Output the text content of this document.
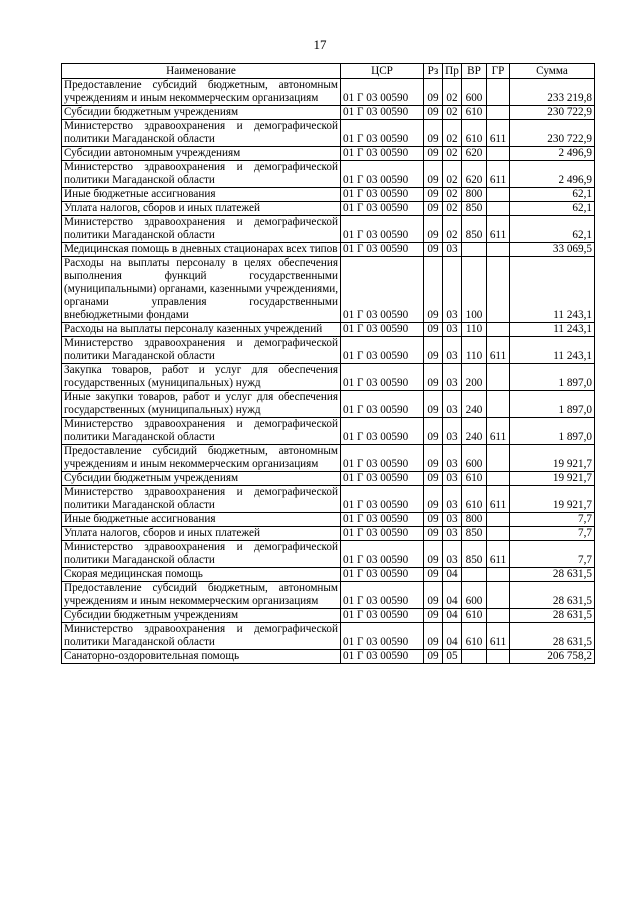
17
Наименование	ЦСР	Рз	Пр	ВР	ГР	Сумма
Предоставление субсидий бюджетным, автономным учреждениям и иным некоммерческим организациям	01 Г 03 00590	09	02	600		233 219,8
Субсидии бюджетным учреждениям	01 Г 03 00590	09	02	610		230 722,9
Министерство здравоохранения и демографической политики Магаданской области	01 Г 03 00590	09	02	610	611	230 722,9
Субсидии автономным учреждениям	01 Г 03 00590	09	02	620		2 496,9
Министерство здравоохранения и демографической политики Магаданской области	01 Г 03 00590	09	02	620	611	2 496,9
Иные бюджетные ассигнования	01 Г 03 00590	09	02	800		62,1
Уплата налогов, сборов и иных платежей	01 Г 03 00590	09	02	850		62,1
Министерство здравоохранения и демографической политики Магаданской области	01 Г 03 00590	09	02	850	611	62,1
Медицинская помощь в дневных стационарах всех типов	01 Г 03 00590	09	03			33 069,5
Расходы на выплаты персоналу в целях обеспечения выполнения функций государственными (муниципальными) органами, казенными учреждениями, органами управления государственными внебюджетными фондами	01 Г 03 00590	09	03	100		11 243,1
Расходы на выплаты персоналу казенных учреждений	01 Г 03 00590	09	03	110		11 243,1
Министерство здравоохранения и демографической политики Магаданской области	01 Г 03 00590	09	03	110	611	11 243,1
Закупка товаров, работ и услуг для обеспечения государственных (муниципальных) нужд	01 Г 03 00590	09	03	200		1 897,0
Иные закупки товаров, работ и услуг для обеспечения государственных (муниципальных) нужд	01 Г 03 00590	09	03	240		1 897,0
Министерство здравоохранения и демографической политики Магаданской области	01 Г 03 00590	09	03	240	611	1 897,0
Предоставление субсидий бюджетным, автономным учреждениям и иным некоммерческим организациям	01 Г 03 00590	09	03	600		19 921,7
Субсидии бюджетным учреждениям	01 Г 03 00590	09	03	610		19 921,7
Министерство здравоохранения и демографической политики Магаданской области	01 Г 03 00590	09	03	610	611	19 921,7
Иные бюджетные ассигнования	01 Г 03 00590	09	03	800		7,7
Уплата налогов, сборов и иных платежей	01 Г 03 00590	09	03	850		7,7
Министерство здравоохранения и демографической политики Магаданской области	01 Г 03 00590	09	03	850	611	7,7
Скорая медицинская помощь	01 Г 03 00590	09	04			28 631,5
Предоставление субсидий бюджетным, автономным учреждениям и иным некоммерческим организациям	01 Г 03 00590	09	04	600		28 631,5
Субсидии бюджетным учреждениям	01 Г 03 00590	09	04	610		28 631,5
Министерство здравоохранения и демографической политики Магаданской области	01 Г 03 00590	09	04	610	611	28 631,5
Санаторно-оздоровительная помощь	01 Г 03 00590	09	05			206 758,2
